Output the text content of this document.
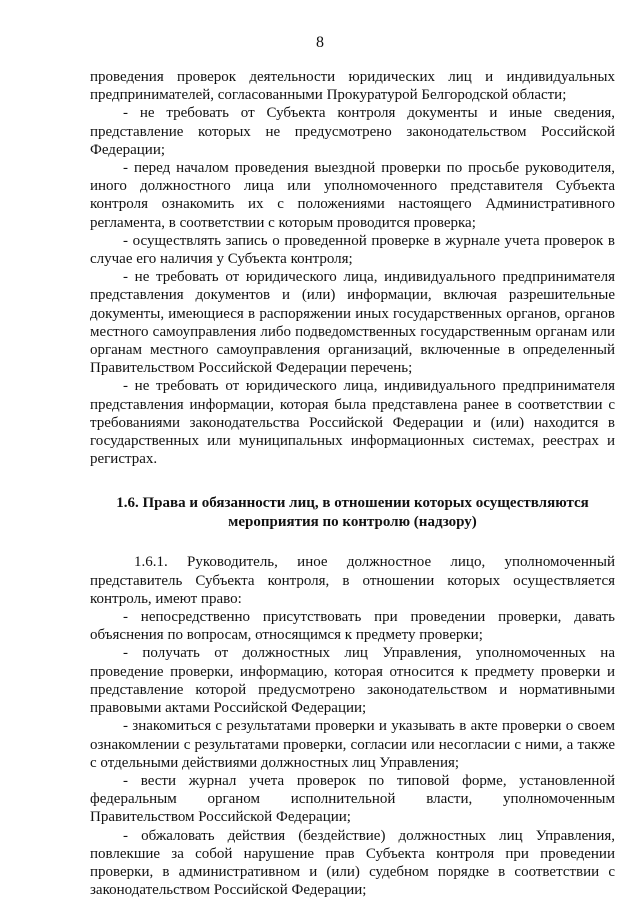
8

проведения проверок деятельности юридических лиц и индивидуальных предпринимателей, согласованными Прокуратурой Белгородской области;

- не требовать от Субъекта контроля документы и иные сведения, представление которых не предусмотрено законодательством Российской Федерации;

- перед началом проведения выездной проверки по просьбе руководителя, иного должностного лица или уполномоченного представителя Субъекта контроля ознакомить их с положениями настоящего Административного регламента, в соответствии с которым проводится проверка;

- осуществлять запись о проведенной проверке в журнале учета проверок в случае его наличия у Субъекта контроля;

- не требовать от юридического лица, индивидуального предпринимателя представления документов и (или) информации, включая разрешительные документы, имеющиеся в распоряжении иных государственных органов, органов местного самоуправления либо подведомственных государственным органам или органам местного самоуправления организаций, включенные в определенный Правительством Российской Федерации перечень;

- не требовать от юридического лица, индивидуального предпринимателя представления информации, которая была представлена ранее в соответствии с требованиями законодательства Российской Федерации и (или) находится в государственных или муниципальных информационных системах, реестрах и регистрах.

1.6. Права и обязанности лиц, в отношении которых осуществляются мероприятия по контролю (надзору)

1.6.1. Руководитель, иное должностное лицо, уполномоченный представитель Субъекта контроля, в отношении которых осуществляется контроль, имеют право:

- непосредственно присутствовать при проведении проверки, давать объяснения по вопросам, относящимся к предмету проверки;

- получать от должностных лиц Управления, уполномоченных на проведение проверки, информацию, которая относится к предмету проверки и представление которой предусмотрено законодательством и нормативными правовыми актами Российской Федерации;

- знакомиться с результатами проверки и указывать в акте проверки о своем ознакомлении с результатами проверки, согласии или несогласии с ними, а также с отдельными действиями должностных лиц Управления;

- вести журнал учета проверок по типовой форме, установленной федеральным органом исполнительной власти, уполномоченным Правительством Российской Федерации;

- обжаловать действия (бездействие) должностных лиц Управления, повлекшие за собой нарушение прав Субъекта контроля при проведении проверки, в административном и (или) судебном порядке в соответствии с законодательством Российской Федерации;
